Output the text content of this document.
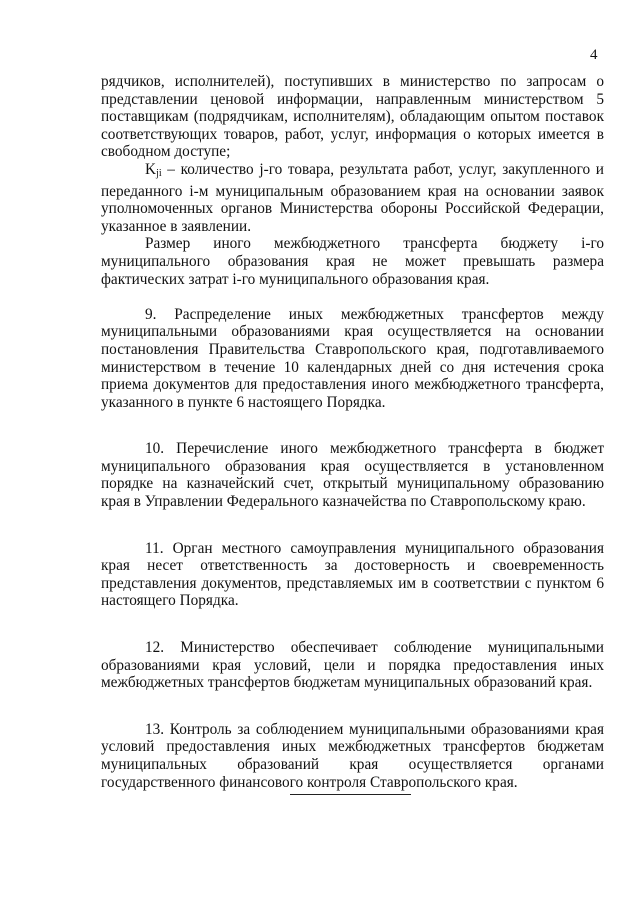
4

рядчиков, исполнителей), поступивших в министерство по запросам о представлении ценовой информации, направленным министерством 5 поставщикам (подрядчикам, исполнителям), обладающим опытом поставок соответствующих товаров, работ, услуг, информация о которых имеется в свободном доступе;

$K_{ji}$ – количество j-го товара, результата работ, услуг, закупленного и переданного i-м муниципальным образованием края на основании заявок уполномоченных органов Министерства обороны Российской Федерации, указанное в заявлении.

Размер иного межбюджетного трансферта бюджету i-го муниципального образования края не может превышать размера фактических затрат i-го муниципального образования края.

9. Распределение иных межбюджетных трансфертов между муниципальными образованиями края осуществляется на основании постановления Правительства Ставропольского края, подготавливаемого министерством в течение 10 календарных дней со дня истечения срока приема документов для предоставления иного межбюджетного трансферта, указанного в пункте 6 настоящего Порядка.

10. Перечисление иного межбюджетного трансферта в бюджет муниципального образования края осуществляется в установленном порядке на казначейский счет, открытый муниципальному образованию края в Управлении Федерального казначейства по Ставропольскому краю.

11. Орган местного самоуправления муниципального образования края несет ответственность за достоверность и своевременность представления документов, представляемых им в соответствии с пунктом 6 настоящего Порядка.

12. Министерство обеспечивает соблюдение муниципальными образованиями края условий, цели и порядка предоставления иных межбюджетных трансфертов бюджетам муниципальных образований края.

13. Контроль за соблюдением муниципальными образованиями края условий предоставления иных межбюджетных трансфертов бюджетам муниципальных образований края осуществляется органами государственного финансового контроля Ставропольского края.
